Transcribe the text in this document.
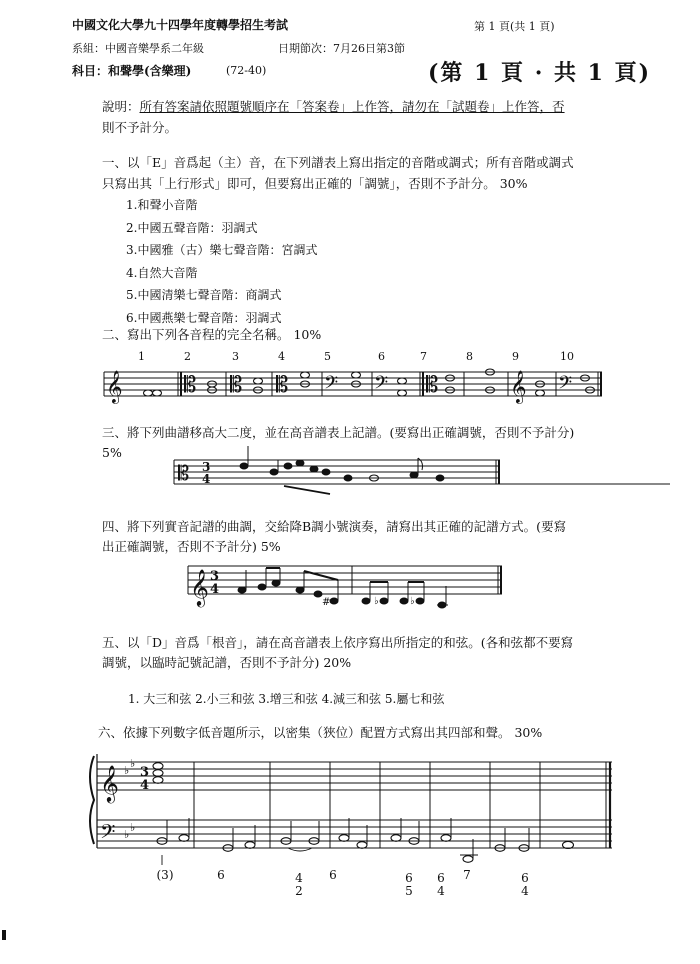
中國文化大學九十四學年度轉學招生考試	第 1 頁(共 1 頁)
系組：中國音樂學系二年級	日期節次：7月26日第3節
科目：和聲學(含樂理)	(72-40)	(第 1 頁 · 共 1 頁)
說明：所有答案請依照題號順序在「答案卷」上作答，請勿在「試題卷」上作答，否
則不予計分。
一、以「E」音爲起（主）音，在下列譜表上寫出指定的音階或調式；所有音階或調式
只寫出其「上行形式」即可，但要寫出正確的「調號」，否則不予計分。 30%
1.和聲小音階
2.中國五聲音階：羽調式
3.中國雅（古）樂七聲音階：宮調式
4.自然大音階
5.中國清樂七聲音階：商調式
6.中國燕樂七聲音階：羽調式
二、寫出下列各音程的完全名稱。 10%
1	2	3	4	5	6	7	8	9	10
𝄞	𝄡 𝄡 𝄡 𝄢 𝄢 𝄡	𝄞 𝄢
三、將下列曲譜移高大二度，並在高音譜表上記譜。(要寫出正確調號，否則不予計分)
5%
𝄡 3
4
四、將下列實音記譜的曲調，交給降B調小號演奏，請寫出其正確的記譜方式。(要寫
出正確調號，否則不予計分) 5%
𝄞 3
4
#	♭	♭
五、以「D」音爲「根音」，請在高音譜表上依序寫出所指定的和弦。(各和弦都不要寫
調號，以臨時記號記譜，否則不予計分) 20%
1. 大三和弦 2.小三和弦 3.增三和弦 4.減三和弦 5.屬七和弦
六、依據下列數字低音題所示，以密集（狹位）配置方式寫出其四部和聲。 30%
𝄞
𝄢
♭
♭
♭
♭
3
4
(3)	6	4
2
6	6
5
6
4
7	6
4
